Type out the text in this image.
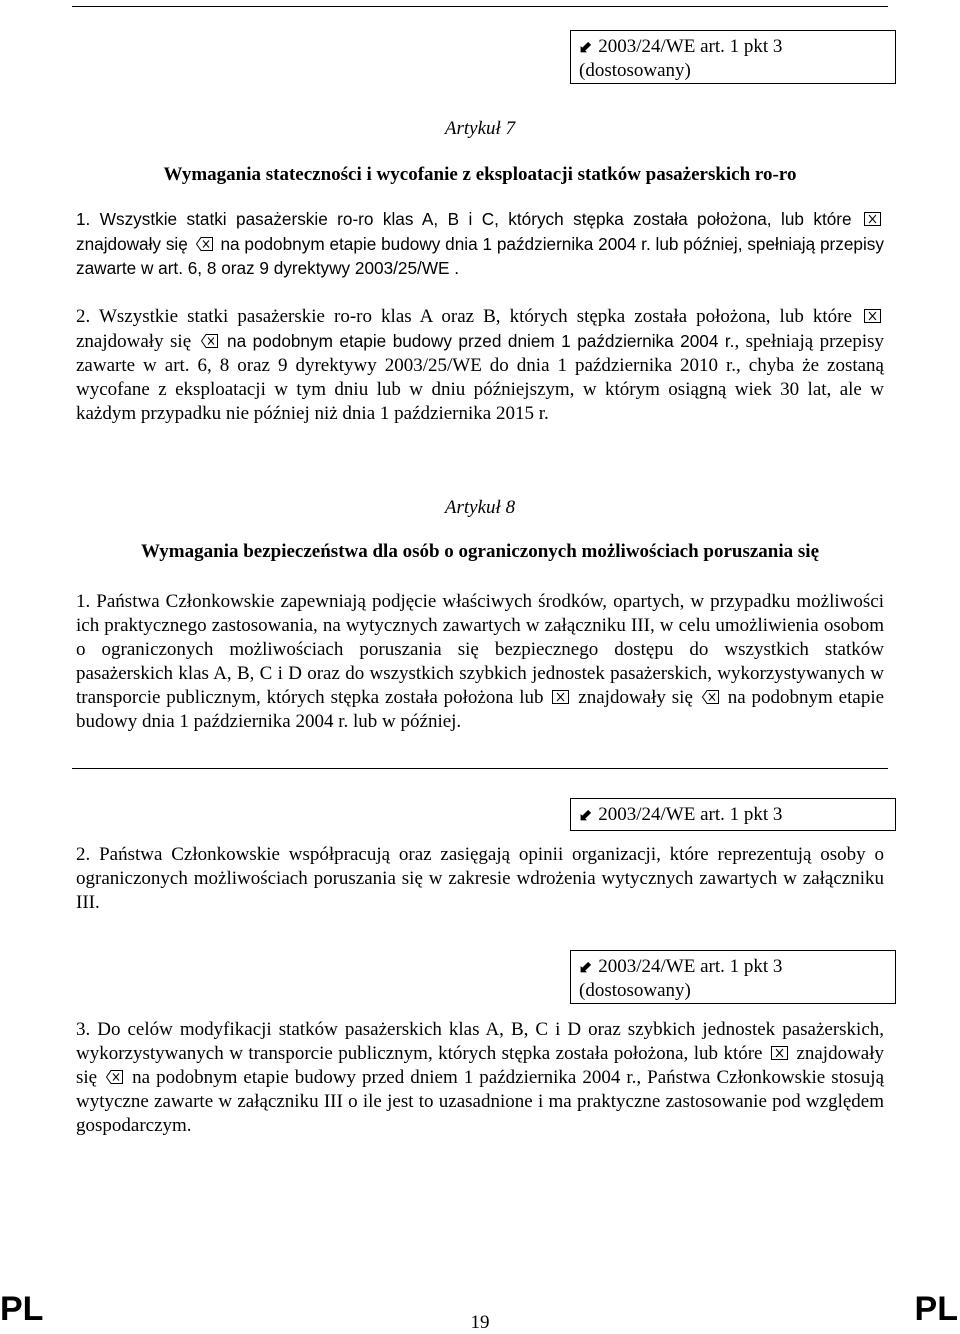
⬋ 2003/24/WE art. 1 pkt 3
(dostosowany)
Artykuł 7
Wymagania stateczności i wycofanie z eksploatacji statków pasażerskich ro-ro
1. Wszystkie statki pasażerskie ro-ro klas A, B i C, których stępka została położona, lub które  znajdowały się na podobnym etapie budowy dnia 1 października 2004 r. lub później, spełniają przepisy zawarte w art. 6, 8 oraz 9 dyrektywy 2003/25/WE .
2. Wszystkie statki pasażerskie ro-ro klas A oraz B, których stępka została położona, lub które  znajdowały się na podobnym etapie budowy przed dniem 1 października 2004 r., spełniają przepisy zawarte w art. 6, 8 oraz 9 dyrektywy 2003/25/WE do dnia 1 października 2010 r., chyba że zostaną wycofane z eksploatacji w tym dniu lub w dniu późniejszym, w którym osiągną wiek 30 lat, ale w każdym przypadku nie później niż dnia 1 października 2015 r.
Artykuł 8
Wymagania bezpieczeństwa dla osób o ograniczonych możliwościach poruszania się
1. Państwa Członkowskie zapewniają podjęcie właściwych środków, opartych, w przypadku możliwości ich praktycznego zastosowania, na wytycznych zawartych w załączniku III, w celu umożliwienia osobom o ograniczonych możliwościach poruszania się bezpiecznego dostępu do wszystkich statków pasażerskich klas A, B, C i D oraz do wszystkich szybkich jednostek pasażerskich, wykorzystywanych w transporcie publicznym, których stępka została położona lub znajdowały się na podobnym etapie budowy dnia 1 października 2004 r. lub w później.
⬋ 2003/24/WE art. 1 pkt 3
2. Państwa Członkowskie współpracują oraz zasięgają opinii organizacji, które reprezentują osoby o ograniczonych możliwościach poruszania się w zakresie wdrożenia wytycznych zawartych w załączniku III.
⬋ 2003/24/WE art. 1 pkt 3
(dostosowany)
3. Do celów modyfikacji statków pasażerskich klas A, B, C i D oraz szybkich jednostek pasażerskich, wykorzystywanych w transporcie publicznym, których stępka została położona, lub które znajdowały się na podobnym etapie budowy przed dniem 1 października 2004 r., Państwa Członkowskie stosują wytyczne zawarte w załączniku III o ile jest to uzasadnione i ma praktyczne zastosowanie pod względem gospodarczym.
PL	19	PL
